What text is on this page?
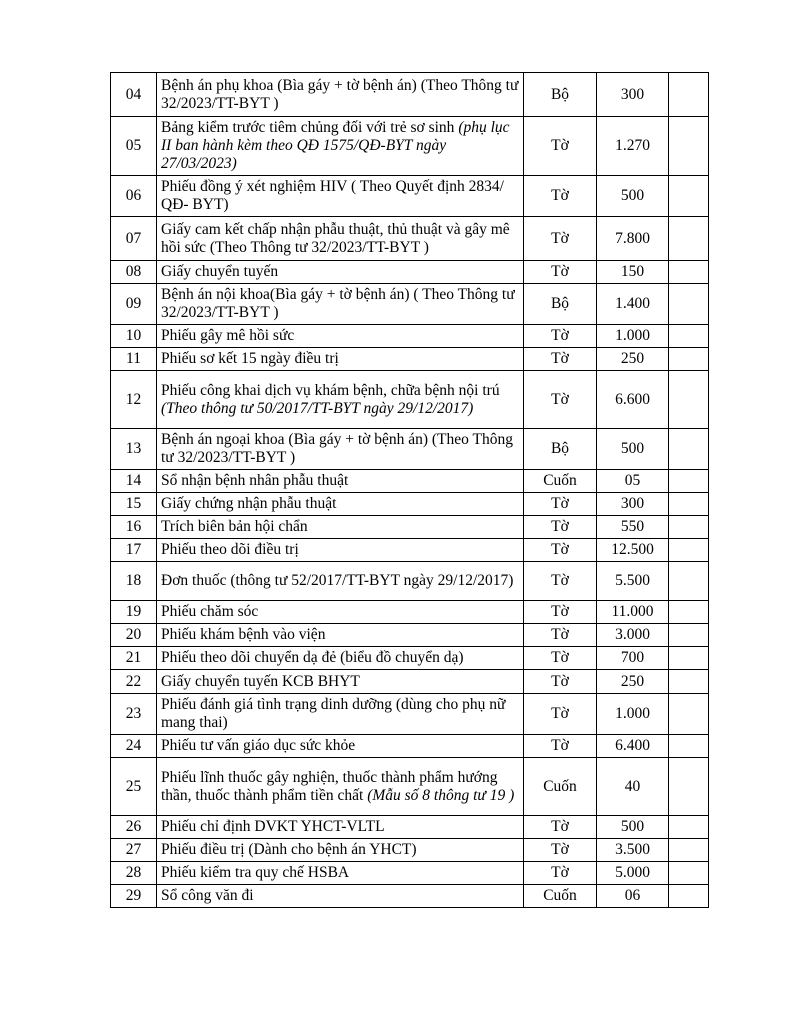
04	Bệnh án phụ khoa (Bìa gáy + tờ bệnh án) (Theo Thông tư 32/2023/TT-BYT )	Bộ	300	
05	Bảng kiểm trước tiêm chủng đối với trẻ sơ sinh (phụ lục II ban hành kèm theo QĐ 1575/QĐ-BYT ngày 27/03/2023)	Tờ	1.270	
06	Phiếu đồng ý xét nghiệm HIV ( Theo Quyết định 2834/ QĐ- BYT)	Tờ	500	
07	Giấy cam kết chấp nhận phẫu thuật, thủ thuật và gây mê hồi sức (Theo Thông tư 32/2023/TT-BYT )	Tờ	7.800	
08	Giấy chuyển tuyến	Tờ	150	
09	Bệnh án nội khoa(Bìa gáy + tờ bệnh án) ( Theo Thông tư 32/2023/TT-BYT )	Bộ	1.400	
10	Phiếu gây mê hồi sức	Tờ	1.000	
11	Phiếu sơ kết 15 ngày điều trị	Tờ	250	
12	Phiếu công khai dịch vụ khám bệnh, chữa bệnh nội trú (Theo thông tư 50/2017/TT-BYT ngày 29/12/2017)	Tờ	6.600	
13	Bệnh án ngoại khoa (Bìa gáy + tờ bệnh án) (Theo Thông tư 32/2023/TT-BYT )	Bộ	500	
14	Sổ nhận bệnh nhân phẫu thuật	Cuốn	05	
15	Giấy chứng nhận phẫu thuật	Tờ	300	
16	Trích biên bản hội chẩn	Tờ	550	
17	Phiếu theo dõi điều trị	Tờ	12.500	
18	Đơn thuốc (thông tư 52/2017/TT-BYT ngày 29/12/2017)	Tờ	5.500	
19	Phiếu chăm sóc	Tờ	11.000	
20	Phiếu khám bệnh vào viện	Tờ	3.000	
21	Phiếu theo dõi chuyển dạ đẻ (biểu đồ chuyển dạ)	Tờ	700	
22	Giấy chuyển tuyến KCB BHYT	Tờ	250	
23	Phiếu đánh giá tình trạng dinh dưỡng (dùng cho phụ nữ mang thai)	Tờ	1.000	
24	Phiếu tư vấn giáo dục sức khỏe	Tờ	6.400	
25	Phiếu lĩnh thuốc gây nghiện, thuốc thành phẩm hướng thần, thuốc thành phẩm tiền chất (Mẫu số 8 thông tư 19 )	Cuốn	40	
26	Phiếu chỉ định DVKT YHCT-VLTL	Tờ	500	
27	Phiếu điều trị (Dành cho bệnh án YHCT)	Tờ	3.500	
28	Phiếu kiểm tra quy chế HSBA	Tờ	5.000	
29	Sổ công văn đi	Cuốn	06	
